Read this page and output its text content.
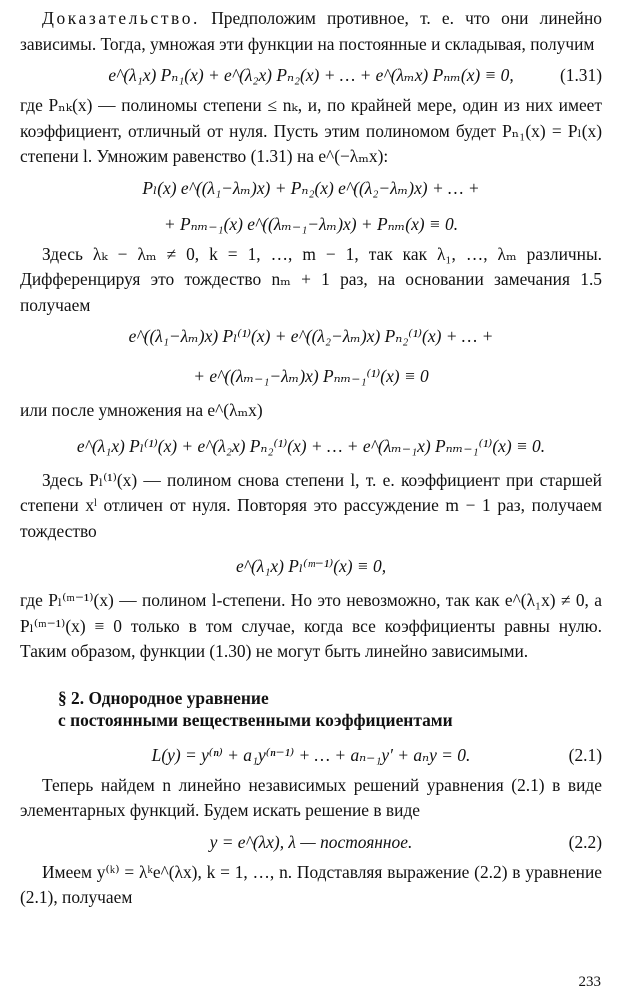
Доказательство. Предположим противное, т. е. что они линейно зависимы. Тогда, умножая эти функции на постоянные и складывая, получим

e^(λ₁x) Pₙ₁(x) + e^(λ₂x) Pₙ₂(x) + … + e^(λₘx) Pₙₘ(x) ≡ 0,	(1.31)

где Pₙₖ(x) — полиномы степени ≤ nₖ, и, по крайней мере, один из них имеет коэффициент, отличный от нуля. Пусть этим полиномом будет Pₙ₁(x) = Pₗ(x) степени l. Умножим равенство (1.31) на e^(−λₘx):

Pₗ(x) e^((λ₁−λₘ)x) + Pₙ₂(x) e^((λ₂−λₘ)x) + … +
+ Pₙₘ₋₁(x) e^((λₘ₋₁−λₘ)x) + Pₙₘ(x) ≡ 0.

Здесь λₖ − λₘ ≠ 0, k = 1, …, m − 1, так как λ₁, …, λₘ различны. Дифференцируя это тождество nₘ + 1 раз, на основании замечания 1.5 получаем

e^((λ₁−λₘ)x) Pₗ⁽¹⁾(x) + e^((λ₂−λₘ)x) Pₙ₂⁽¹⁾(x) + … +
+ e^((λₘ₋₁−λₘ)x) Pₙₘ₋₁⁽¹⁾(x) ≡ 0

или после умножения на e^(λₘx)

e^(λ₁x) Pₗ⁽¹⁾(x) + e^(λ₂x) Pₙ₂⁽¹⁾(x) + … + e^(λₘ₋₁x) Pₙₘ₋₁⁽¹⁾(x) ≡ 0.

Здесь Pₗ⁽¹⁾(x) — полином снова степени l, т. е. коэффициент при старшей степени xˡ отличен от нуля. Повторяя это рассуждение m − 1 раз, получаем тождество

e^(λ₁x) Pₗ⁽ᵐ⁻¹⁾(x) ≡ 0,

где Pₗ⁽ᵐ⁻¹⁾(x) — полином l-степени. Но это невозможно, так как e^(λ₁x) ≠ 0, а Pₗ⁽ᵐ⁻¹⁾(x) ≡ 0 только в том случае, когда все коэффициенты равны нулю. Таким образом, функции (1.30) не могут быть линейно зависимыми.

§ 2. Однородное уравнение
с постоянными вещественными коэффициентами
L(y) = y⁽ⁿ⁾ + a₁y⁽ⁿ⁻¹⁾ + … + aₙ₋₁y′ + aₙy = 0.	(2.1)

Теперь найдем n линейно независимых решений уравнения (2.1) в виде элементарных функций. Будем искать решение в виде

y = e^(λx), λ — постоянное.	(2.2)

Имеем y⁽ᵏ⁾ = λᵏe^(λx), k = 1, …, n. Подставляя выражение (2.2) в уравнение (2.1), получаем

233
